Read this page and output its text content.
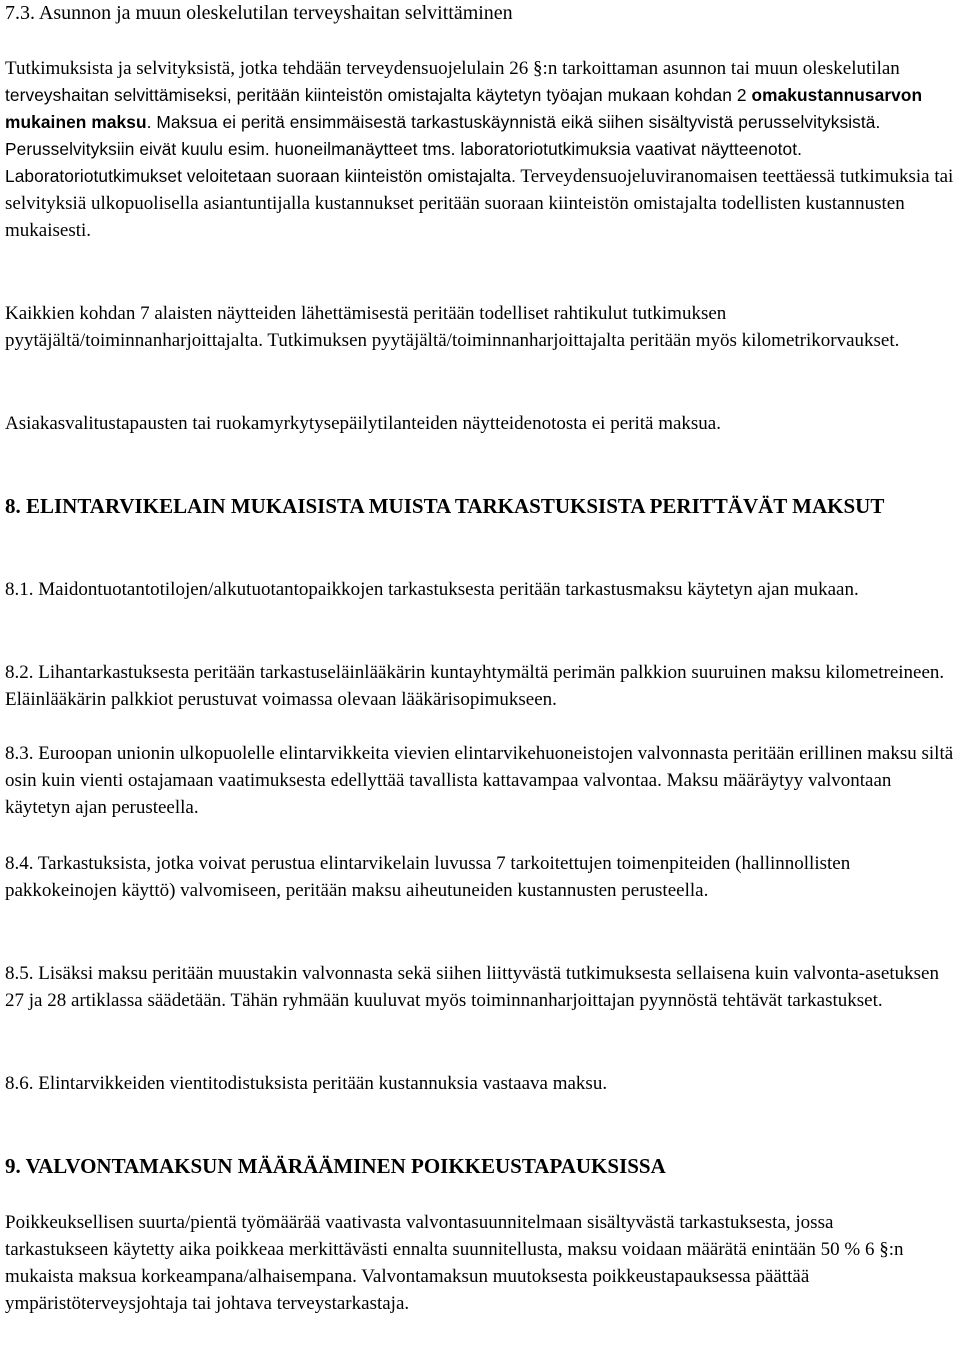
7.3. Asunnon ja muun oleskelutilan terveyshaitan selvittäminen

Tutkimuksista ja selvityksistä, jotka tehdään terveydensuojelulain 26 §:n tarkoittaman asunnon tai muun oleskelutilan terveyshaitan selvittämiseksi, peritään kiinteistön omistajalta käytetyn työajan mukaan kohdan 2 omakustannusarvon mukainen maksu. Maksua ei peritä ensimmäisestä tarkastuskäynnistä eikä siihen sisältyvistä perusselvityksistä. Perusselvityksiin eivät kuulu esim. huoneilmanäytteet tms. laboratoriotutkimuksia vaativat näytteenotot. Laboratoriotutkimukset veloitetaan suoraan kiinteistön omistajalta. Terveydensuojeluviranomaisen teettäessä tutkimuksia tai selvityksiä ulkopuolisella asiantuntijalla kustannukset peritään suoraan kiinteistön omistajalta todellisten kustannusten mukaisesti.

Kaikkien kohdan 7 alaisten näytteiden lähettämisestä peritään todelliset rahtikulut tutkimuksen pyytäjältä/toiminnanharjoittajalta. Tutkimuksen pyytäjältä/toiminnanharjoittajalta peritään myös kilometrikorvaukset.

Asiakasvalitustapausten tai ruokamyrkytysepäilytilanteiden näytteidenotosta ei peritä maksua.

8. ELINTARVIKELAIN MUKAISISTA MUISTA TARKASTUKSISTA PERITTÄVÄT MAKSUT

8.1. Maidontuotantotilojen/alkutuotantopaikkojen tarkastuksesta peritään tarkastusmaksu käytetyn ajan mukaan.

8.2. Lihantarkastuksesta peritään tarkastuseläinlääkärin kuntayhtymältä perimän palkkion suuruinen maksu kilometreineen. Eläinlääkärin palkkiot perustuvat voimassa olevaan lääkärisopimukseen.

8.3. Euroopan unionin ulkopuolelle elintarvikkeita vievien elintarvikehuoneistojen valvonnasta peritään erillinen maksu siltä osin kuin vienti ostajamaan vaatimuksesta edellyttää tavallista kattavampaa valvontaa. Maksu määräytyy valvontaan käytetyn ajan perusteella.

8.4. Tarkastuksista, jotka voivat perustua elintarvikelain luvussa 7 tarkoitettujen toimenpiteiden (hallinnollisten pakkokeinojen käyttö) valvomiseen, peritään maksu aiheutuneiden kustannusten perusteella.

8.5. Lisäksi maksu peritään muustakin valvonnasta sekä siihen liittyvästä tutkimuksesta sellaisena kuin valvonta-asetuksen 27 ja 28 artiklassa säädetään. Tähän ryhmään kuuluvat myös toiminnanharjoittajan pyynnöstä tehtävät tarkastukset.

8.6. Elintarvikkeiden vientitodistuksista peritään kustannuksia vastaava maksu.

9. VALVONTAMAKSUN MÄÄRÄÄMINEN POIKKEUSTAPAUKSISSA

Poikkeuksellisen suurta/pientä työmäärää vaativasta valvontasuunnitelmaan sisältyvästä tarkastuksesta, jossa tarkastukseen käytetty aika poikkeaa merkittävästi ennalta suunnitellusta, maksu voidaan määrätä enintään 50 % 6 §:n mukaista maksua korkeampana/alhaisempana. Valvontamaksun muutoksesta poikkeustapauksessa päättää ympäristöterveysjohtaja tai johtava terveystarkastaja.
